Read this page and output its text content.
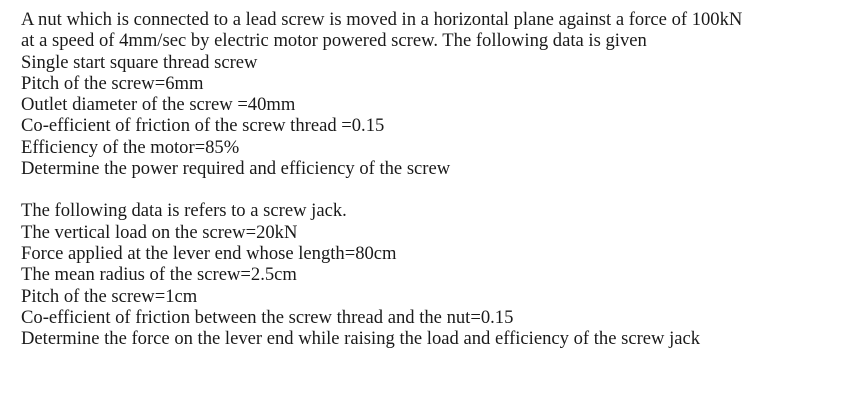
A nut which is connected to a lead screw is moved in a horizontal plane against a force of 100kN
at a speed of 4mm/sec by electric motor powered screw. The following data is given
Single start square thread screw
Pitch of the screw=6mm
Outlet diameter of the screw =40mm
Co-efficient of friction of the screw thread =0.15
Efficiency of the motor=85%
Determine the power required and efficiency of the screw
The following data is refers to a screw jack.
The vertical load on the screw=20kN
Force applied at the lever end whose length=80cm
The mean radius of the screw=2.5cm
Pitch of the screw=1cm
Co-efficient of friction between the screw thread and the nut=0.15
Determine the force on the lever end while raising the load and efficiency of the screw jack
